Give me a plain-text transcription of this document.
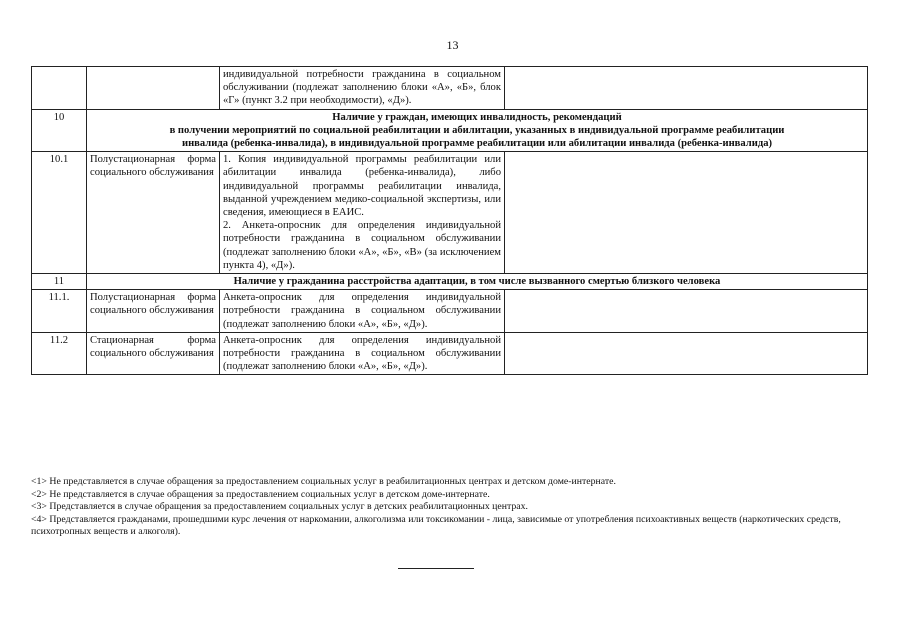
13
		индивидуальной потребности гражданина в социальном обслуживании (подлежат заполнению блоки «А», «Б», блок «Г» (пункт 3.2 при необходимости), «Д»).	
10	Наличие у граждан, имеющих инвалидность, рекомендаций
в получении мероприятий по социальной реабилитации и абилитации, указанных в индивидуальной программе реабилитации
инвалида (ребенка-инвалида), в индивидуальной программе реабилитации или абилитации инвалида (ребенка-инвалида)		

10.1	Полустационарная форма социального обслуживания	1. Копия индивидуальной программы реабилитации или абилитации инвалида (ребенка-инвалида), либо индивидуальной программы реабилитации инвалида, выданной учреждением медико-социальной экспертизы, или сведения, имеющиеся в ЕАИС.
2. Анкета-опросник для определения индивидуальной потребности гражданина в социальном обслуживании (подлежат заполнению блоки «А», «Б», «В» (за исключением пункта 4), «Д»).	

11	Наличие у гражданина расстройства адаптации, в том числе вызванного смертью близкого человека		
11.1.	Полустационарная форма социального обслуживания	Анкета-опросник для определения индивидуальной потребности гражданина в социальном обслуживании (подлежат заполнению блоки «А», «Б», «Д»).	
11.2	Стационарная форма социального обслуживания	Анкета-опросник для определения индивидуальной потребности гражданина в социальном обслуживании (подлежат заполнению блоки «А», «Б», «Д»).	
<1> Не представляется в случае обращения за предоставлением социальных услуг в реабилитационных центрах и детском доме-интернате.
<2> Не представляется в случае обращения за предоставлением социальных услуг в детском доме-интернате.
<3> Представляется в случае обращения за предоставлением социальных услуг в детских реабилитационных центрах.
<4> Представляется гражданами, прошедшими курс лечения от наркомании, алкоголизма или токсикомании - лица, зависимые от употребления психоактивных веществ (наркотических средств, психотропных веществ и алкоголя).
